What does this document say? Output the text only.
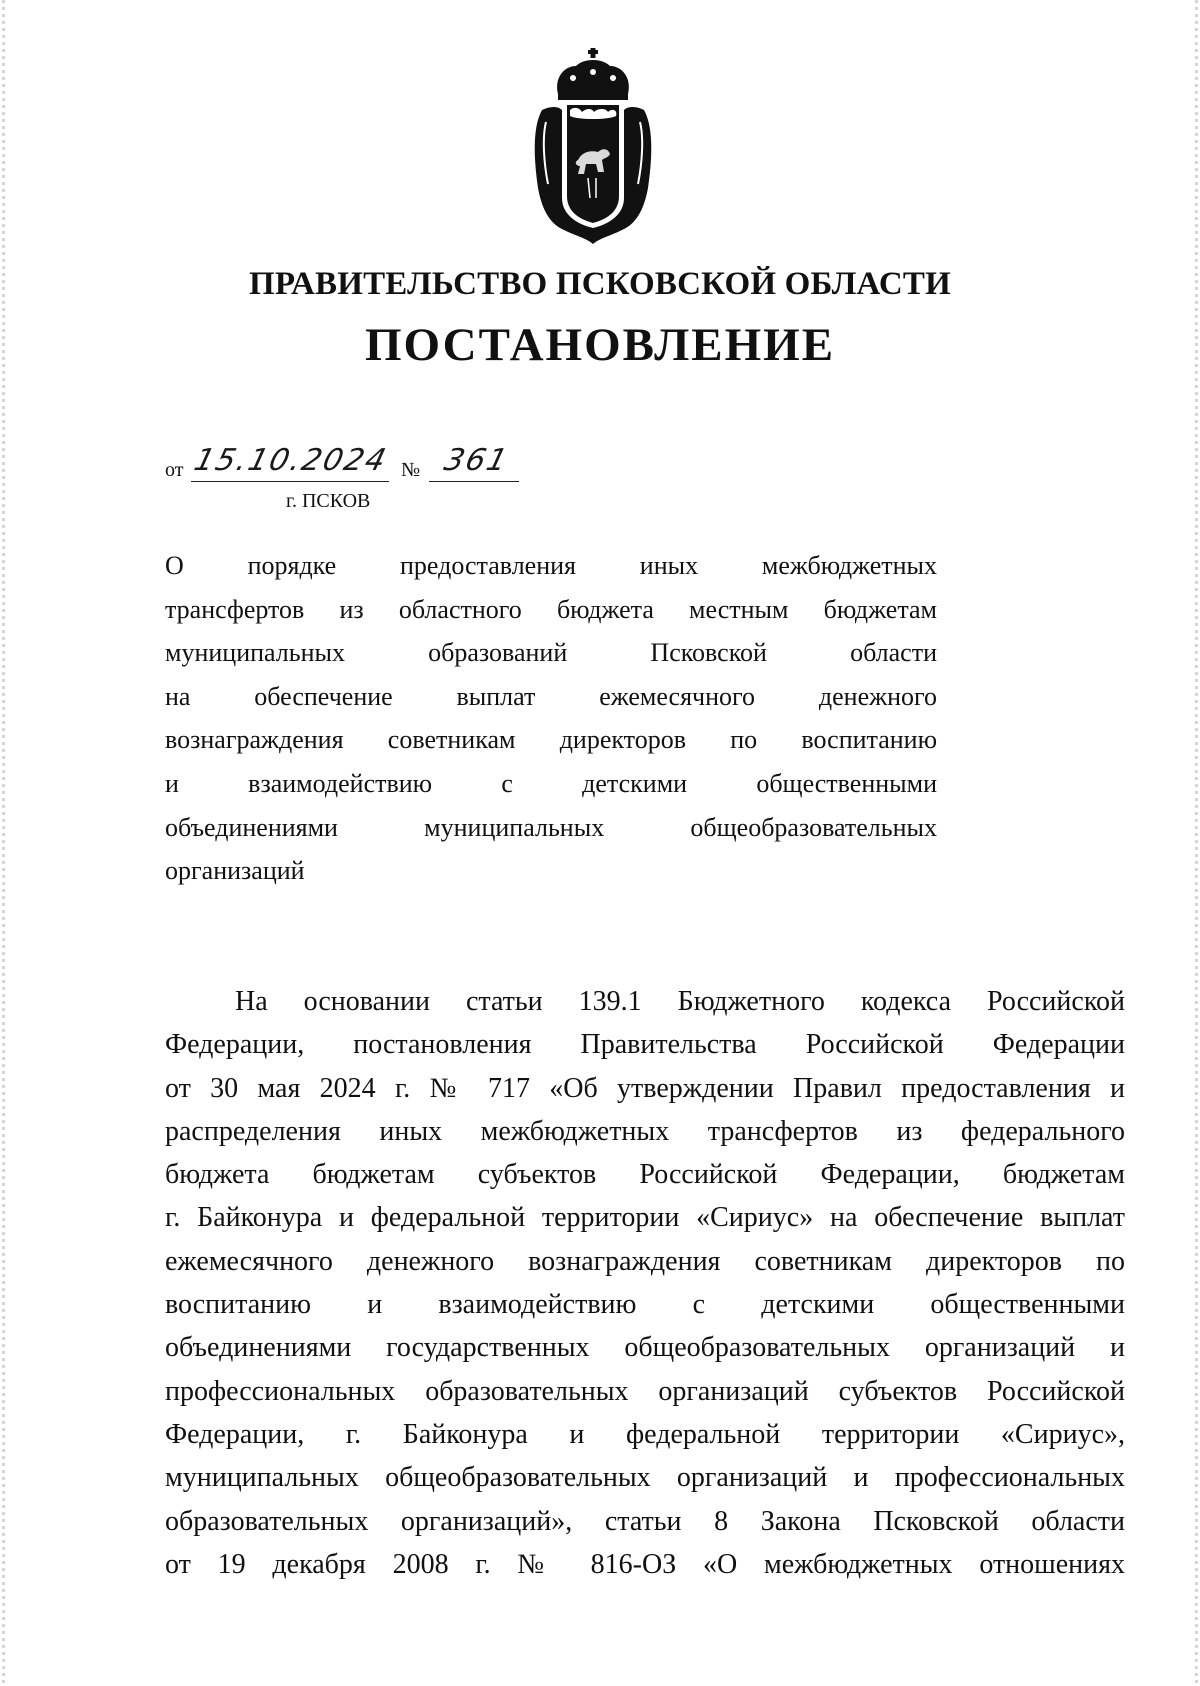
ПРАВИТЕЛЬСТВО ПСКОВСКОЙ ОБЛАСТИ
ПОСТАНОВЛЕНИЕ
от 15.10.2024 № 361
г. ПСКОВ
О порядке предоставления иных межбюджетных
трансфертов из областного бюджета местным бюджетам
муниципальных образований Псковской области
на обеспечение выплат ежемесячного денежного
вознаграждения советникам директоров по воспитанию
и взаимодействию с детскими общественными
объединениями муниципальных общеобразовательных
организаций
На основании статьи 139.1 Бюджетного кодекса Российской
Федерации, постановления Правительства Российской Федерации
от 30 мая 2024 г. № 717 «Об утверждении Правил предоставления и
распределения иных межбюджетных трансфертов из федерального
бюджета бюджетам субъектов Российской Федерации, бюджетам
г. Байконура и федеральной территории «Сириус» на обеспечение выплат
ежемесячного денежного вознаграждения советникам директоров по
воспитанию и взаимодействию с детскими общественными
объединениями государственных общеобразовательных организаций и
профессиональных образовательных организаций субъектов Российской
Федерации, г. Байконура и федеральной территории «Сириус»,
муниципальных общеобразовательных организаций и профессиональных
образовательных организаций», статьи 8 Закона Псковской области
от 19 декабря 2008 г. № 816-ОЗ «О межбюджетных отношениях
